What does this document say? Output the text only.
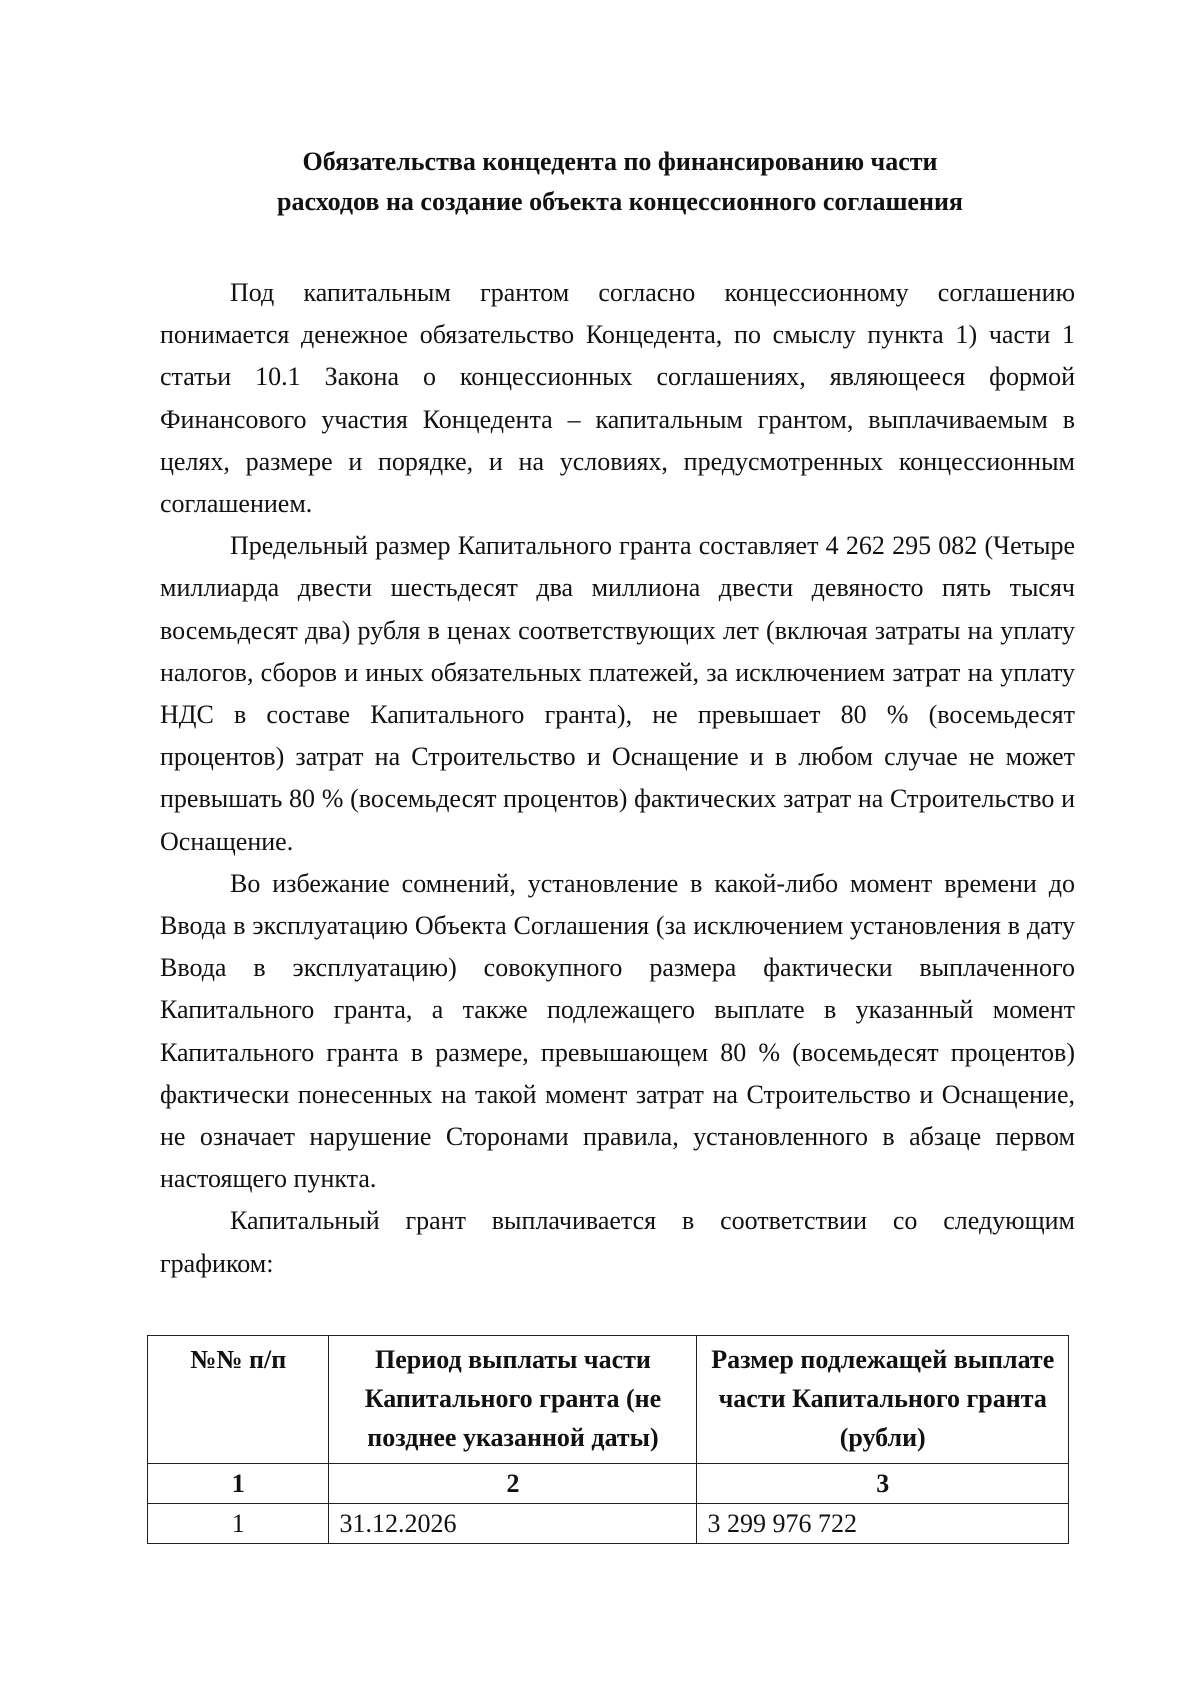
Обязательства концедента по финансированию части
расходов на создание объекта концессионного соглашения

Под капитальным грантом согласно концессионному соглашению понимается денежное обязательство Концедента, по смыслу пункта 1) части 1 статьи 10.1 Закона о концессионных соглашениях, являющееся формой Финансового участия Концедента – капитальным грантом, выплачиваемым в целях, размере и порядке, и на условиях, предусмотренных концессионным соглашением.

Предельный размер Капитального гранта составляет 4 262 295 082 (Четыре миллиарда двести шестьдесят два миллиона двести девяносто пять тысяч восемьдесят два) рубля в ценах соответствующих лет (включая затраты на уплату налогов, сборов и иных обязательных платежей, за исключением затрат на уплату НДС в составе Капитального гранта), не превышает 80 % (восемьдесят процентов) затрат на Строительство и Оснащение и в любом случае не может превышать 80 % (восемьдесят процентов) фактических затрат на Строительство и Оснащение.

Во избежание сомнений, установление в какой-либо момент времени до Ввода в эксплуатацию Объекта Соглашения (за исключением установления в дату Ввода в эксплуатацию) совокупного размера фактически выплаченного Капитального гранта, а также подлежащего выплате в указанный момент Капитального гранта в размере, превышающем 80 % (восемьдесят процентов) фактически понесенных на такой момент затрат на Строительство и Оснащение, не означает нарушение Сторонами правила, установленного в абзаце первом настоящего пункта.

Капитальный грант выплачивается в соответствии со следующим графиком:

№№ п/п	Период выплаты части Капитального гранта (не позднее указанной даты)	Размер подлежащей выплате части Капитального гранта (рубли)
1	2	3
1	31.12.2026	3 299 976 722
